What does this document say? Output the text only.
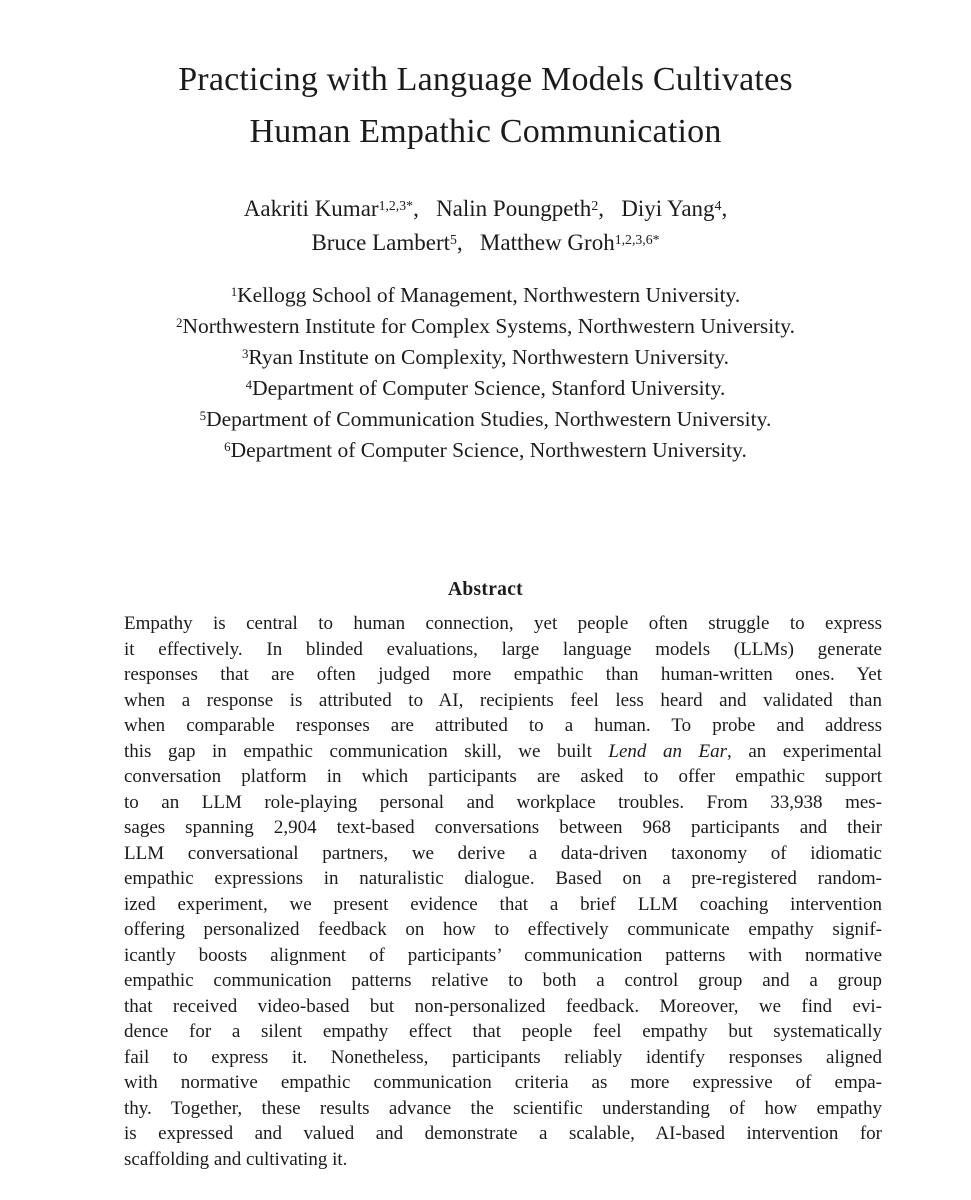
Practicing with Language Models Cultivates
Human Empathic Communication
Aakriti Kumar$^{1,2,3*}$,  Nalin Poungpeth$^2$,  Diyi Yang$^4$,
Bruce Lambert$^5$,  Matthew Groh$^{1,2,3,6*}$
$^1$Kellogg School of Management, Northwestern University.
$^2$Northwestern Institute for Complex Systems, Northwestern University.
$^3$Ryan Institute on Complexity, Northwestern University.
$^4$Department of Computer Science, Stanford University.
$^5$Department of Communication Studies, Northwestern University.
$^6$Department of Computer Science, Northwestern University.
Abstract
Empathy is central to human connection, yet people often struggle to express
it effectively. In blinded evaluations, large language models (LLMs) generate
responses that are often judged more empathic than human-written ones. Yet
when a response is attributed to AI, recipients feel less heard and validated than
when comparable responses are attributed to a human. To probe and address
this gap in empathic communication skill, we built Lend an Ear, an experimental
conversation platform in which participants are asked to offer empathic support
to an LLM role-playing personal and workplace troubles. From 33,938 mes-
sages spanning 2,904 text-based conversations between 968 participants and their
LLM conversational partners, we derive a data-driven taxonomy of idiomatic
empathic expressions in naturalistic dialogue. Based on a pre-registered random-
ized experiment, we present evidence that a brief LLM coaching intervention
offering personalized feedback on how to effectively communicate empathy signif-
icantly boosts alignment of participants’ communication patterns with normative
empathic communication patterns relative to both a control group and a group
that received video-based but non-personalized feedback. Moreover, we find evi-
dence for a silent empathy effect that people feel empathy but systematically
fail to express it. Nonetheless, participants reliably identify responses aligned
with normative empathic communication criteria as more expressive of empa-
thy. Together, these results advance the scientific understanding of how empathy
is expressed and valued and demonstrate a scalable, AI-based intervention for
scaffolding and cultivating it.
